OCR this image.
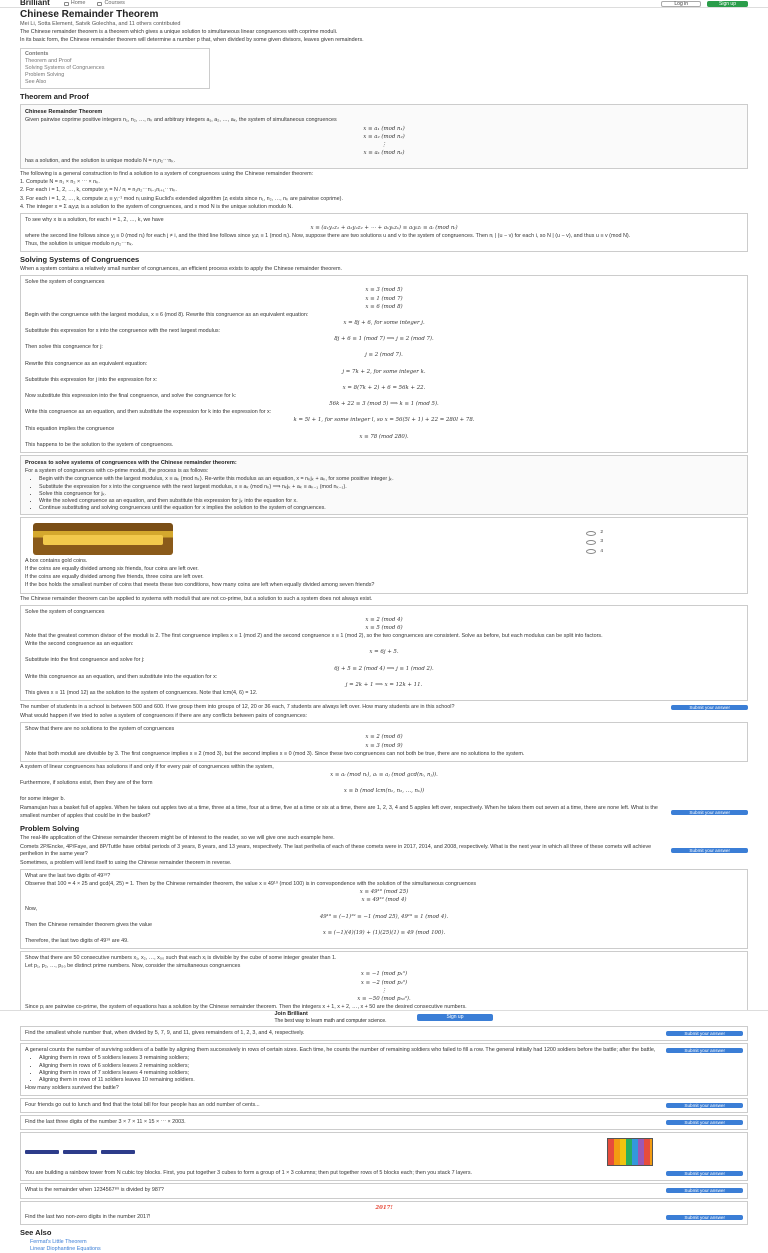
Brilliant	Home	Courses	Log in	Sign up
Chinese Remainder Theorem
Mei Li, Sotta Element, Satvik Golechha, and 11 others contributed

The Chinese remainder theorem is a theorem which gives a unique solution to simultaneous linear congruences with coprime moduli.

In its basic form, the Chinese remainder theorem will determine a number p that, when divided by some given divisors, leaves given remainders.

Contents
Theorem and Proof
Solving Systems of Congruences
Problem Solving
See Also
Theorem and Proof
Chinese Remainder Theorem

Given pairwise coprime positive integers n₁, n₂, …, nₖ and arbitrary integers a₁, a₂, …, aₖ, the system of simultaneous congruences

x ≡ a₁ (mod n₁)
x ≡ a₂ (mod n₂)
⋮
x ≡ aₖ (mod nₖ)

has a solution, and the solution is unique modulo N = n₁n₂⋯nₖ.

The following is a general construction to find a solution to a system of congruences using the Chinese remainder theorem:

1. Compute N = n₁ × n₂ × ⋯ × nₖ.

2. For each i = 1, 2, …, k, compute yᵢ = N / nᵢ = n₁n₂⋯nᵢ₋₁nᵢ₊₁⋯nₖ.

3. For each i = 1, 2, …, k, compute zᵢ ≡ yᵢ⁻¹ mod nᵢ using Euclid's extended algorithm (zᵢ exists since n₁, n₂, …, nₖ are pairwise coprime).

4. The integer x = Σ aᵢyᵢzᵢ is a solution to the system of congruences, and x mod N is the unique solution modulo N.

To see why x is a solution, for each i = 1, 2, …, k, we have

x ≡ (a₁y₁z₁ + a₂y₂z₂ + ⋯ + aₖyₖzₖ) ≡ aᵢyᵢzᵢ ≡ aᵢ (mod nᵢ)

where the second line follows since yⱼ ≡ 0 (mod nᵢ) for each j ≠ i, and the third line follows since yᵢzᵢ ≡ 1 (mod nᵢ). Now, suppose there are two solutions u and v to the system of congruences. Then nᵢ | (u − v) for each i, so N | (u − v), and thus u ≡ v (mod N).

Thus, the solution is unique modulo n₁n₂⋯nₖ.

Solving Systems of Congruences

When a system contains a relatively small number of congruences, an efficient process exists to apply the Chinese remainder theorem.

Solve the system of congruences

x ≡ 3 (mod 5)
x ≡ 1 (mod 7)
x ≡ 6 (mod 8)

Begin with the congruence with the largest modulus, x ≡ 6 (mod 8). Rewrite this congruence as an equivalent equation:

x = 8j + 6, for some integer j.

Substitute this expression for x into the congruence with the next largest modulus:

8j + 6 ≡ 1 (mod 7) ⟹ j ≡ 2 (mod 7).

Then solve this congruence for j:

j ≡ 2 (mod 7).

Rewrite this congruence as an equivalent equation:

j = 7k + 2, for some integer k.

Substitute this expression for j into the expression for x:

x = 8(7k + 2) + 6 = 56k + 22.

Now substitute this expression into the final congruence, and solve the congruence for k:

56k + 22 ≡ 3 (mod 5) ⟹ k ≡ 1 (mod 5).

Write this congruence as an equation, and then substitute the expression for k into the expression for x:

k = 5l + 1, for some integer l, so x = 56(5l + 1) + 22 = 280l + 78.

This equation implies the congruence

x ≡ 78 (mod 280).

This happens to be the solution to the system of congruences.

Process to solve systems of congruences with the Chinese remainder theorem:

For a system of congruences with co-prime moduli, the process is as follows:

• Begin with the congruence with the largest modulus, x ≡ aₖ (mod nₖ). Re-write this modulus as an equation, x = nₖjₖ + aₖ, for some positive integer jₖ.
• Substitute the expression for x into the congruence with the next largest modulus, x ≡ aₖ (mod nₖ) ⟹ nₖjₖ + aₖ ≡ aₖ₋₁ (mod nₖ₋₁).
• Solve this congruence for jₖ.
• Write the solved congruence as an equation, and then substitute this expression for jₖ into the equation for x.
• Continue substituting and solving congruences until the equation for x implies the solution to the system of congruences.
2
3
4

A box contains gold coins.

If the coins are equally divided among six friends, four coins are left over.

If the coins are equally divided among five friends, three coins are left over.

If the box holds the smallest number of coins that meets these two conditions, how many coins are left when equally divided among seven friends?

The Chinese remainder theorem can be applied to systems with moduli that are not co-prime, but a solution to such a system does not always exist.

Solve the system of congruences

x ≡ 2 (mod 4)
x ≡ 5 (mod 6)

Note that the greatest common divisor of the moduli is 2. The first congruence implies x ≡ 1 (mod 2) and the second congruence x ≡ 1 (mod 2), so the two congruences are consistent. Solve as before, but each modulus can be split into factors.

Write the second congruence as an equation:

x = 6j + 5.

Substitute into the first congruence and solve for j:

6j + 5 ≡ 2 (mod 4) ⟹ j ≡ 1 (mod 2).

Write this congruence as an equation, and then substitute into the equation for x:

j = 2k + 1 ⟹ x = 12k + 11.

This gives x ≡ 11 (mod 12) as the solution to the system of congruences. Note that lcm(4, 6) = 12.

The number of students in a school is between 500 and 600. If we group them into groups of 12, 20 or 36 each, 7 students are always left over. How many students are in this school?	Submit your answer

What would happen if we tried to solve a system of congruences if there are any conflicts between pairs of congruences:

Show that there are no solutions to the system of congruences

x ≡ 2 (mod 6)
x ≡ 3 (mod 9)

Note that both moduli are divisible by 3. The first congruence implies x ≡ 2 (mod 3), but the second implies x ≡ 0 (mod 3). Since these two congruences can not both be true, there are no solutions to the system.

A system of linear congruences has solutions if and only if for every pair of congruences within the system,

x ≡ aᵢ (mod nᵢ), aᵢ ≡ aⱼ (mod gcd(nᵢ, nⱼ)).

Furthermore, if solutions exist, then they are of the form

x ≡ b (mod lcm(n₁, n₂, …, nₖ))

for some integer b.

Ramanujan has a basket full of apples. When he takes out apples two at a time, three at a time, four at a time, five at a time or six at a time, there are 1, 2, 3, 4 and 5 apples left over, respectively. When he takes them out seven at a time, there are none left. What is the smallest number of apples that could be in the basket?	Submit your answer
Problem Solving

The real-life application of the Chinese remainder theorem might be of interest to the reader, so we will give one such example here.

Comets 2P/Encke, 4P/Faye, and 8P/Tuttle have orbital periods of 3 years, 8 years, and 13 years, respectively. The last perihelia of each of these comets were in 2017, 2014, and 2008, respectively. What is the next year in which all three of these comets will achieve perihelion in the same year?	Submit your answer

Sometimes, a problem will lend itself to using the Chinese remainder theorem in reverse.

What are the last two digits of 49¹⁹?

Observe that 100 = 4 × 25 and gcd(4, 25) = 1. Then by the Chinese remainder theorem, the value x ≡ 49¹⁹ (mod 100) is in correspondence with the solution of the simultaneous congruences

x ≡ 49¹⁹ (mod 25)
x ≡ 49¹⁹ (mod 4)

Now,

49¹⁹ ≡ (−1)¹⁹ ≡ −1 (mod 25), 49¹⁹ ≡ 1 (mod 4).

Then the Chinese remainder theorem gives the value

x ≡ (−1)(4)(19) + (1)(25)(1) ≡ 49 (mod 100).

Therefore, the last two digits of 49¹⁹ are 49.

Show that there are 50 consecutive numbers x₁, x₂, …, x₅₀ such that each xᵢ is divisible by the cube of some integer greater than 1.

Let p₁, p₂, …, p₅₀ be distinct prime numbers. Now, consider the simultaneous congruences

x ≡ −1 (mod p₁³)
x ≡ −2 (mod p₂³)
⋮
x ≡ −50 (mod p₅₀³).

Since pᵢ are pairwise co-prime, the system of equations has a solution by the Chinese remainder theorem. Then the integers x + 1, x + 2, …, x + 50 are the desired consecutive numbers.

Find the smallest whole number that, when divided by 5, 7, 9, and 11, gives remainders of 1, 2, 3, and 4, respectively.	Submit your answer

A general counts the number of surviving soldiers of a battle by aligning them successively in rows of certain sizes. Each time, he counts the number of remaining soldiers who failed to fill a row. The general initially had 1200 soldiers before the battle; after the battle,	Submit your answer
• Aligning them in rows of 5 soldiers leaves 3 remaining soldiers;
• Aligning them in rows of 6 soldiers leaves 2 remaining soldiers;
• Aligning them in rows of 7 soldiers leaves 4 remaining soldiers;
• Aligning them in rows of 11 soldiers leaves 10 remaining soldiers.

How many soldiers survived the battle?

Four friends go out to lunch and find that the total bill for four people has an odd number of cents...	Submit your answer

Find the last three digits of the number 3 × 7 × 11 × 15 × ⋯ × 2003.	Submit your answer

You are building a rainbow tower from N cubic toy blocks. First, you put together 3 cubes to form a group of 1 × 3 columns; then put together rows of 5 blocks each; then you stack 7 layers.	Submit your answer

What is the remainder when 1234567⁸⁹ is divided by 987?	Submit your answer
2017!

Find the last two non-zero digits in the number 2017!	Submit your answer
See Also
Fermat's Little Theorem
Linear Diophantine Equations
Join Brilliant
The best way to learn math and computer science.
Sign up
